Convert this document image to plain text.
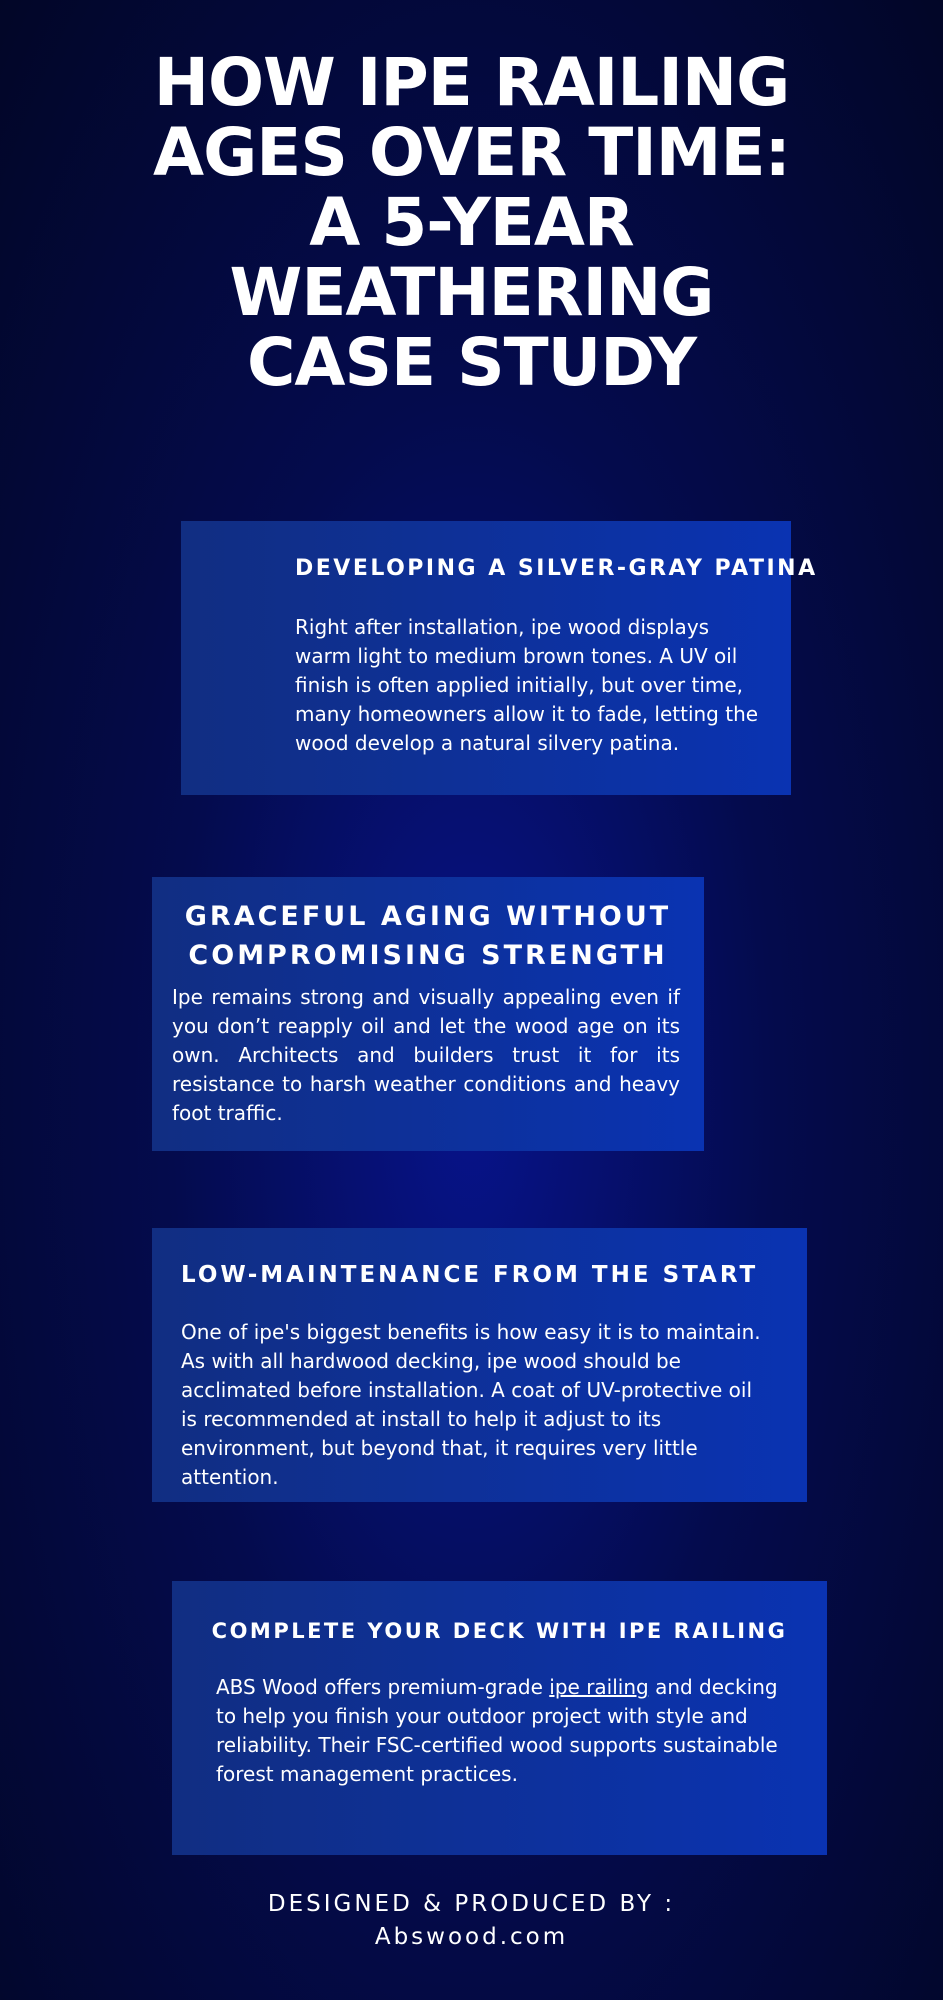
HOW IPE RAILING
AGES OVER TIME:
A 5-YEAR
WEATHERING
CASE STUDY
DEVELOPING A SILVER-GRAY PATINA

Right after installation, ipe wood displays warm light to medium brown tones. A UV oil finish is often applied initially, but over time, many homeowners allow it to fade, letting the wood develop a natural silvery patina.

GRACEFUL AGING WITHOUT
COMPROMISING STRENGTH

Ipe remains strong and visually appealing even if you don’t reapply oil and let the wood age on its own. Architects and builders trust it for its resistance to harsh weather conditions and heavy foot traffic.

LOW-MAINTENANCE FROM THE START

One of ipe's biggest benefits is how easy it is to maintain. As with all hardwood decking, ipe wood should be acclimated before installation. A coat of UV-protective oil is recommended at install to help it adjust to its environment, but beyond that, it requires very little attention.

COMPLETE YOUR DECK WITH IPE RAILING

ABS Wood offers premium-grade ipe railing and decking to help you finish your outdoor project with style and reliability. Their FSC-certified wood supports sustainable forest management practices.

DESIGNED & PRODUCED BY :
Abswood.com
